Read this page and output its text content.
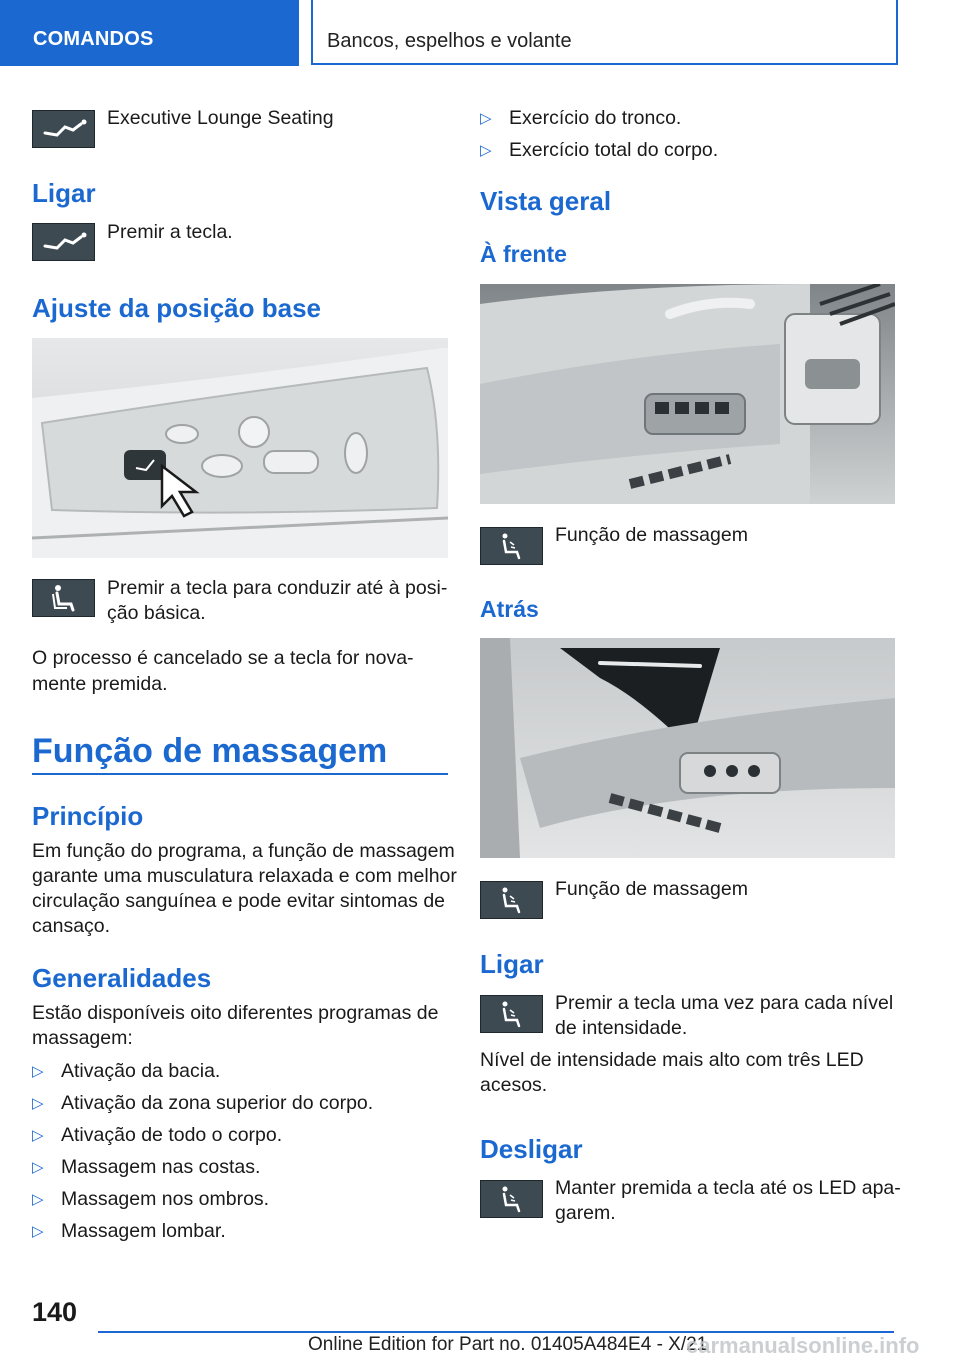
COMANDOS	Bancos, espelhos e volante
Executive Lounge Seating
Ligar
Premir a tecla.
Ajuste da posição base
Premir a tecla para conduzir até à posi‐
ção básica.
O processo é cancelado se a tecla for nova‐
mente premida.
Função de massagem
Princípio
Em função do programa, a função de massagem
garante uma musculatura relaxada e com melhor
circulação sanguínea e pode evitar sintomas de
cansaço.
Generalidades
Estão disponíveis oito diferentes programas de
massagem:
▷ Ativação da bacia.
▷ Ativação da zona superior do corpo.
▷ Ativação de todo o corpo.
▷ Massagem nas costas.
▷ Massagem nos ombros.
▷ Massagem lombar.
▷ Exercício do tronco.
▷ Exercício total do corpo.
Vista geral
À frente
Função de massagem
Atrás
Função de massagem
Ligar
Premir a tecla uma vez para cada nível
de intensidade.
Nível de intensidade mais alto com três LED
acesos.
Desligar
Manter premida a tecla até os LED apa‐
garem.
140
Online Edition for Part no. 01405A484E4 - X/21
carmanualsonline.info
